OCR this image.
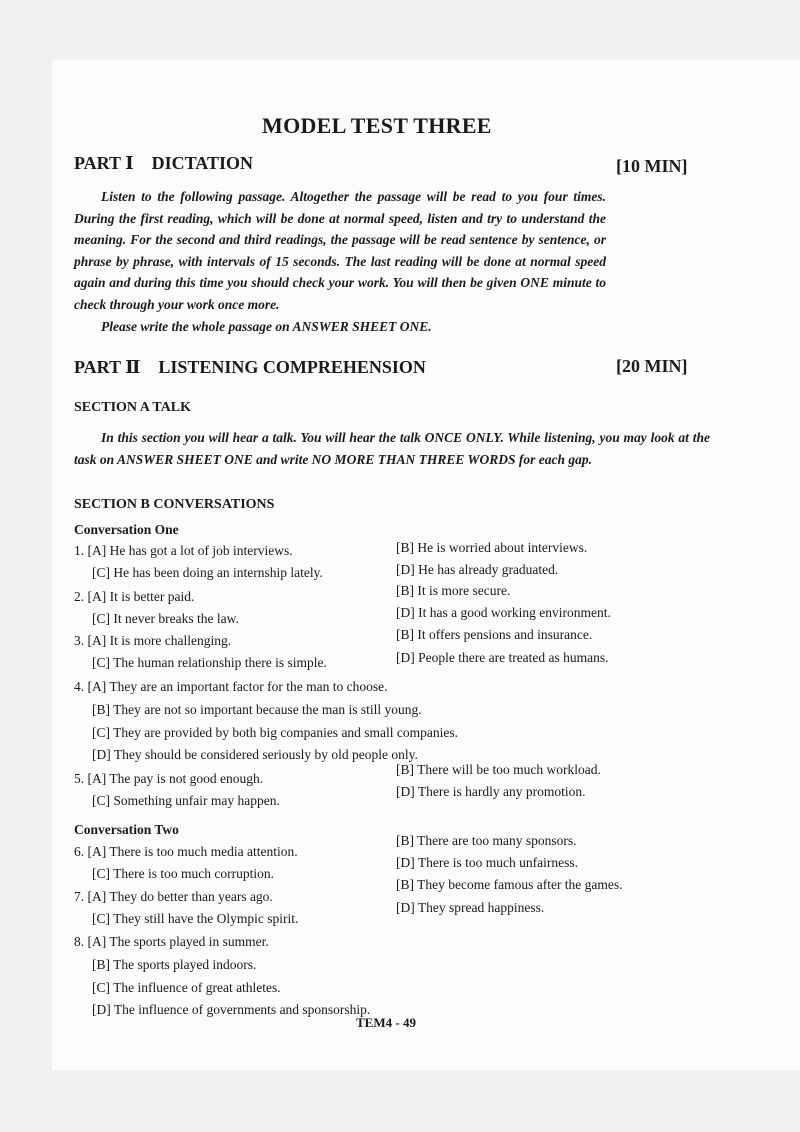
MODEL TEST THREE
PART Ⅰ DICTATION	[10 MIN]

Listen to the following passage. Altogether the passage will be read to you four times. During the first reading, which will be done at normal speed, listen and try to understand the meaning. For the second and third readings, the passage will be read sentence by sentence, or phrase by phrase, with intervals of 15 seconds. The last reading will be done at normal speed again and during this time you should check your work. You will then be given ONE minute to check through your work once more.

Please write the whole passage on ANSWER SHEET ONE.

PART Ⅱ LISTENING COMPREHENSION	[20 MIN]
SECTION A TALK

In this section you will hear a talk. You will hear the talk ONCE ONLY. While listening, you may look at the task on ANSWER SHEET ONE and write NO MORE THAN THREE WORDS for each gap.

SECTION B CONVERSATIONS
Conversation One
1. [A] He has got a lot of job interviews.	[B] He is worried about interviews.
[C] He has been doing an internship lately.	[D] He has already graduated.
2. [A] It is better paid.	[B] It is more secure.
[C] It never breaks the law.	[D] It has a good working environment.
3. [A] It is more challenging.	[B] It offers pensions and insurance.
[C] The human relationship there is simple.	[D] People there are treated as humans.
4. [A] They are an important factor for the man to choose.
[B] They are not so important because the man is still young.
[C] They are provided by both big companies and small companies.
[D] They should be considered seriously by old people only.
5. [A] The pay is not good enough.
[B] There will be too much workload.
[C] Something unfair may happen.
[D] There is hardly any promotion.
Conversation Two
6. [A] There is too much media attention.
[B] There are too many sponsors.
[C] There is too much corruption.
[D] There is too much unfairness.
7. [A] They do better than years ago.
[B] They become famous after the games.
[C] They still have the Olympic spirit.
[D] They spread happiness.
8. [A] The sports played in summer.
[B] The sports played indoors.
[C] The influence of great athletes.
[D] The influence of governments and sponsorship.
TEM4 - 49
